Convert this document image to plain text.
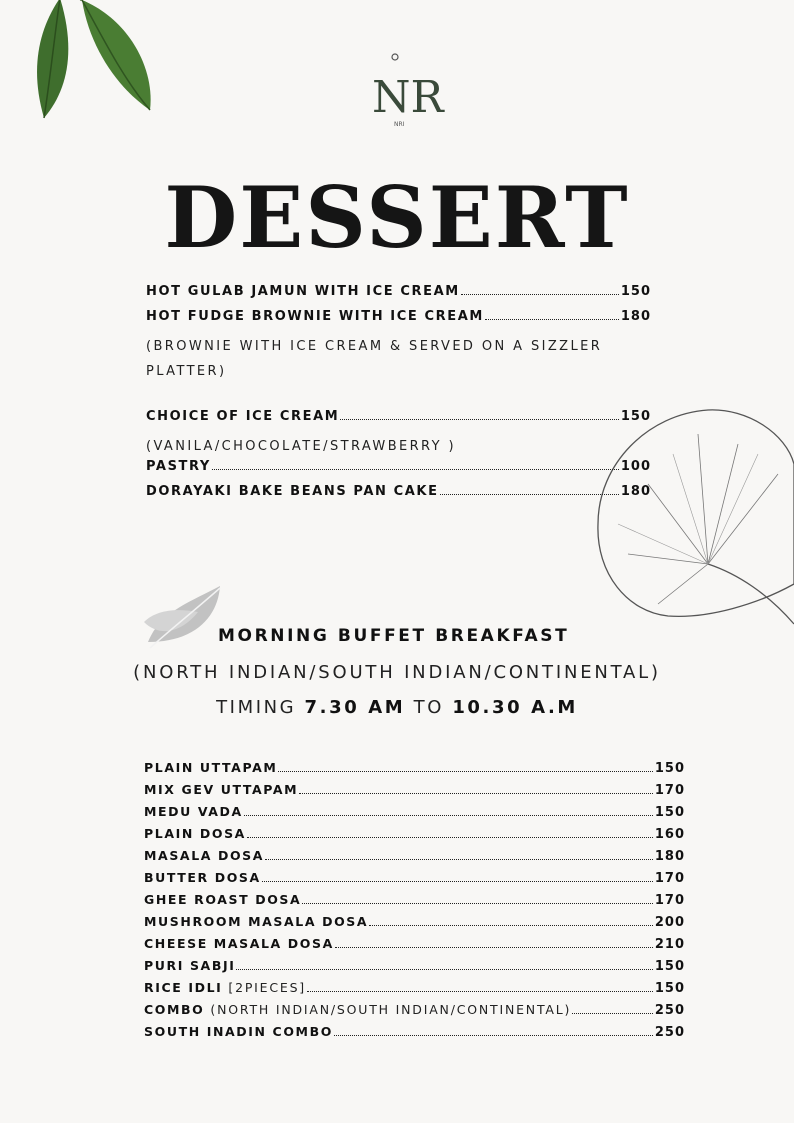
NR
NRI
DESSERT
HOT GULAB JAMUN WITH ICE CREAM	150
HOT FUDGE BROWNIE WITH ICE CREAM	180
(BROWNIE WITH ICE CREAM & SERVED ON A SIZZLER
PLATTER)
CHOICE OF ICE CREAM	150
(VANILA/CHOCOLATE/STRAWBERRY )
PASTRY	100
DORAYAKI BAKE BEANS PAN CAKE	180
MORNING BUFFET BREAKFAST
(NORTH INDIAN/SOUTH INDIAN/CONTINENTAL)
TIMING 7.30 AM TO 10.30 A.M
PLAIN UTTAPAM	150
MIX GEV UTTAPAM	170
MEDU VADA	150
PLAIN DOSA	160
MASALA DOSA	180
BUTTER DOSA	170
GHEE ROAST DOSA	170
MUSHROOM MASALA DOSA	200
CHEESE MASALA DOSA	210
PURI SABJI	150
RICE IDLI [2PIECES]	150
COMBO (NORTH INDIAN/SOUTH INDIAN/CONTINENTAL)	250
SOUTH INADIN COMBO	250
